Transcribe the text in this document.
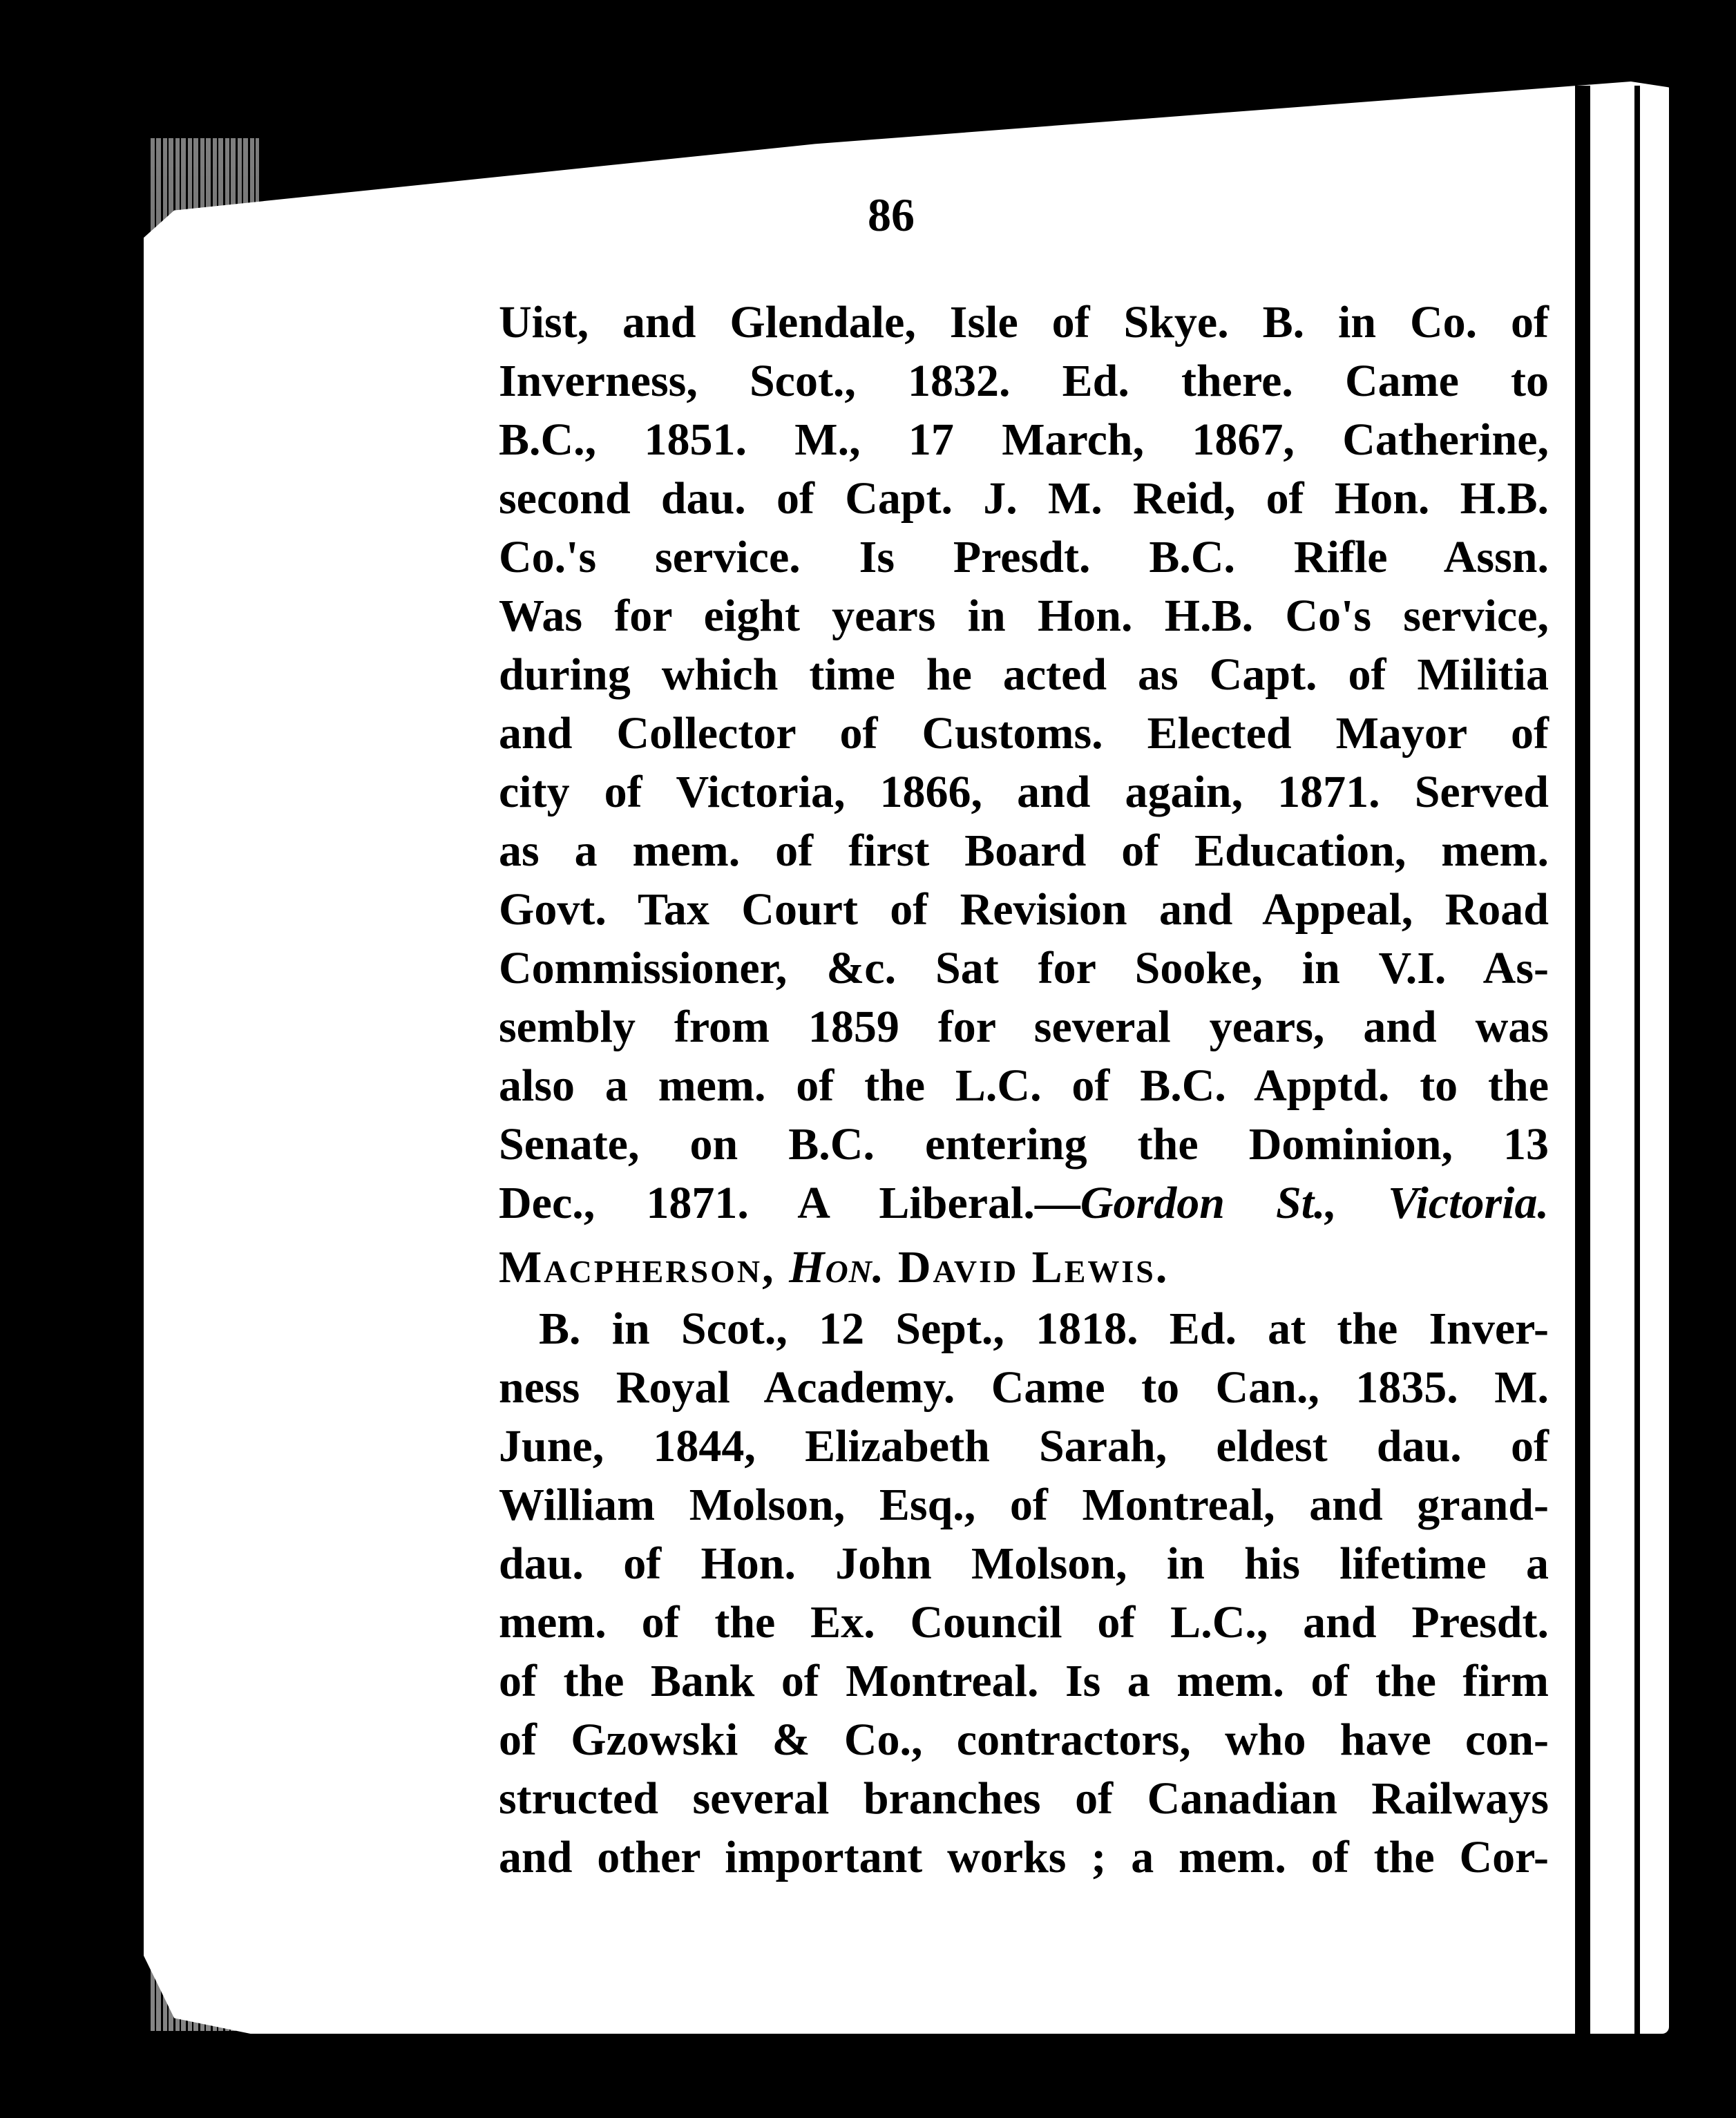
86
Uist, and Glendale, Isle of Skye. B. in Co. of
Inverness, Scot., 1832. Ed. there. Came to
B.C., 1851. M., 17 March, 1867, Catherine,
second dau. of Capt. J. M. Reid, of Hon. H.B.
Co.'s service. Is Presdt. B.C. Rifle Assn.
Was for eight years in Hon. H.B. Co's service,
during which time he acted as Capt. of Militia
and Collector of Customs. Elected Mayor of
city of Victoria, 1866, and again, 1871. Served
as a mem. of first Board of Education, mem.
Govt. Tax Court of Revision and Appeal, Road
Commissioner, &c. Sat for Sooke, in V.I. As-
sembly from 1859 for several years, and was
also a mem. of the L.C. of B.C. Apptd. to the
Senate, on B.C. entering the Dominion, 13
Dec., 1871. A Liberal.—Gordon St., Victoria.
Macpherson, Hon. David Lewis.
B. in Scot., 12 Sept., 1818. Ed. at the Inver-
ness Royal Academy. Came to Can., 1835. M.
June, 1844, Elizabeth Sarah, eldest dau. of
William Molson, Esq., of Montreal, and grand-
dau. of Hon. John Molson, in his lifetime a
mem. of the Ex. Council of L.C., and Presdt.
of the Bank of Montreal. Is a mem. of the firm
of Gzowski & Co., contractors, who have con-
structed several branches of Canadian Railways
and other important works ; a mem. of the Cor-
